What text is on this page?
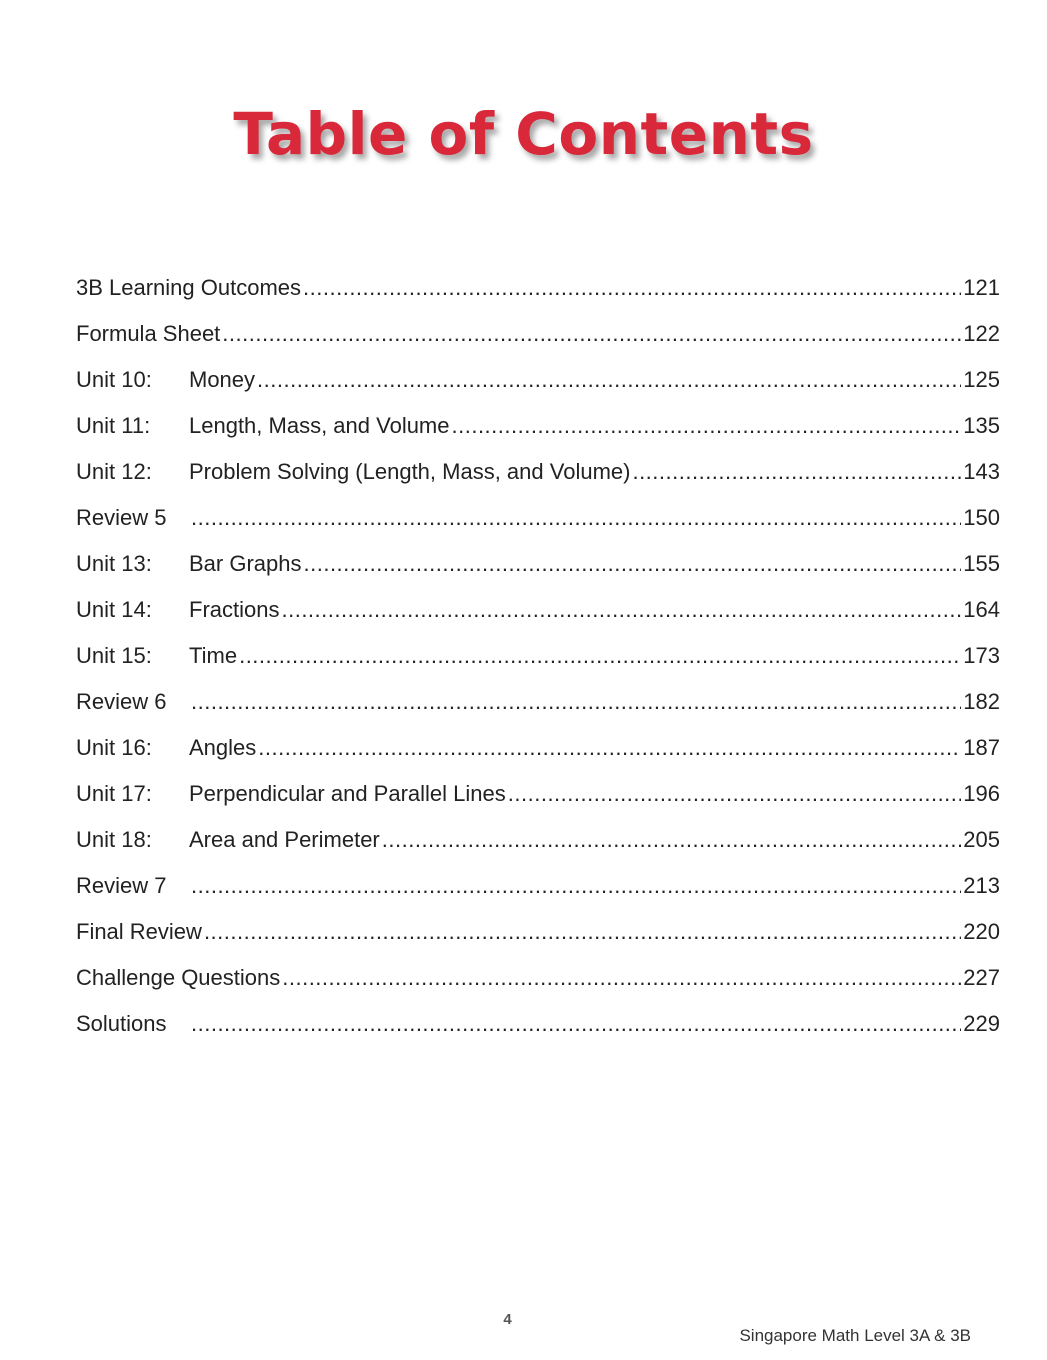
Table of Contents
3B Learning Outcomes .....	121
Formula Sheet .....	122
Unit 10:	Money .....	125
Unit 11:	Length, Mass, and Volume .....	135
Unit 12:	Problem Solving (Length, Mass, and Volume) .....	143
Review 5 .....	150
Unit 13:	Bar Graphs .....	155
Unit 14:	Fractions .....	164
Unit 15:	Time .....	173
Review 6 .....	182
Unit 16:	Angles .....	187
Unit 17:	Perpendicular and Parallel Lines .....	196
Unit 18:	Area and Perimeter .....	205
Review 7 .....	213
Final Review .....	220
Challenge Questions .....	227
Solutions .....	229
4
Singapore Math Level 3A & 3B
